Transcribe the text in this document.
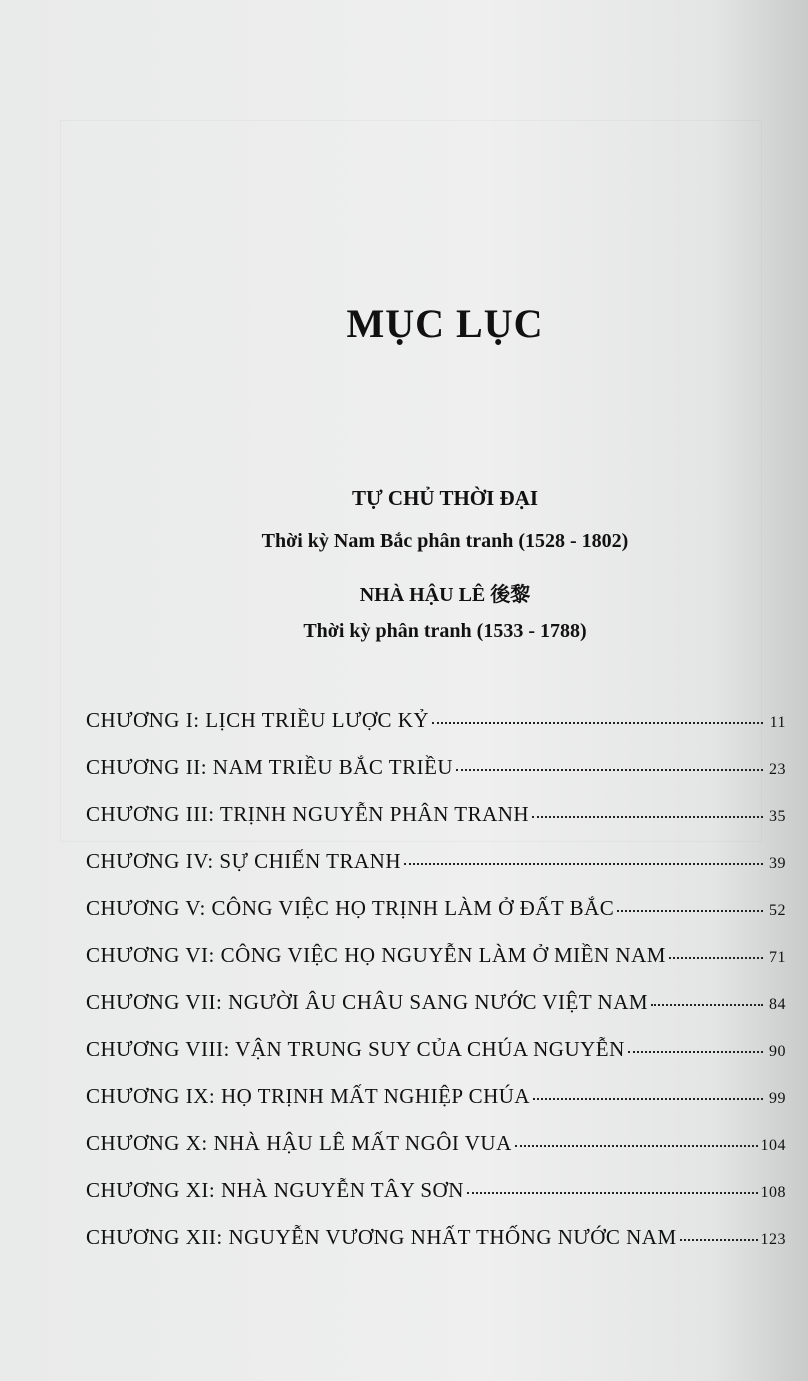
MỤC LỤC
TỰ CHỦ THỜI ĐẠI
Thời kỳ Nam Bắc phân tranh (1528 - 1802)
NHÀ HẬU LÊ 後黎
Thời kỳ phân tranh (1533 - 1788)
CHƯƠNG I: LỊCH TRIỀU LƯỢC KỶ	11
CHƯƠNG II: NAM TRIỀU BẮC TRIỀU	23
CHƯƠNG III: TRỊNH NGUYỄN PHÂN TRANH	35
CHƯƠNG IV: SỰ CHIẾN TRANH	39
CHƯƠNG V: CÔNG VIỆC HỌ TRỊNH LÀM Ở ĐẤT BẮC	52
CHƯƠNG VI: CÔNG VIỆC HỌ NGUYỄN LÀM Ở MIỀN NAM	71
CHƯƠNG VII: NGƯỜI ÂU CHÂU SANG NƯỚC VIỆT NAM	84
CHƯƠNG VIII: VẬN TRUNG SUY CỦA CHÚA NGUYỄN	90
CHƯƠNG IX: HỌ TRỊNH MẤT NGHIỆP CHÚA	99
CHƯƠNG X: NHÀ HẬU LÊ MẤT NGÔI VUA	104
CHƯƠNG XI: NHÀ NGUYỄN TÂY SƠN	108
CHƯƠNG XII: NGUYỄN VƯƠNG NHẤT THỐNG NƯỚC NAM	123
